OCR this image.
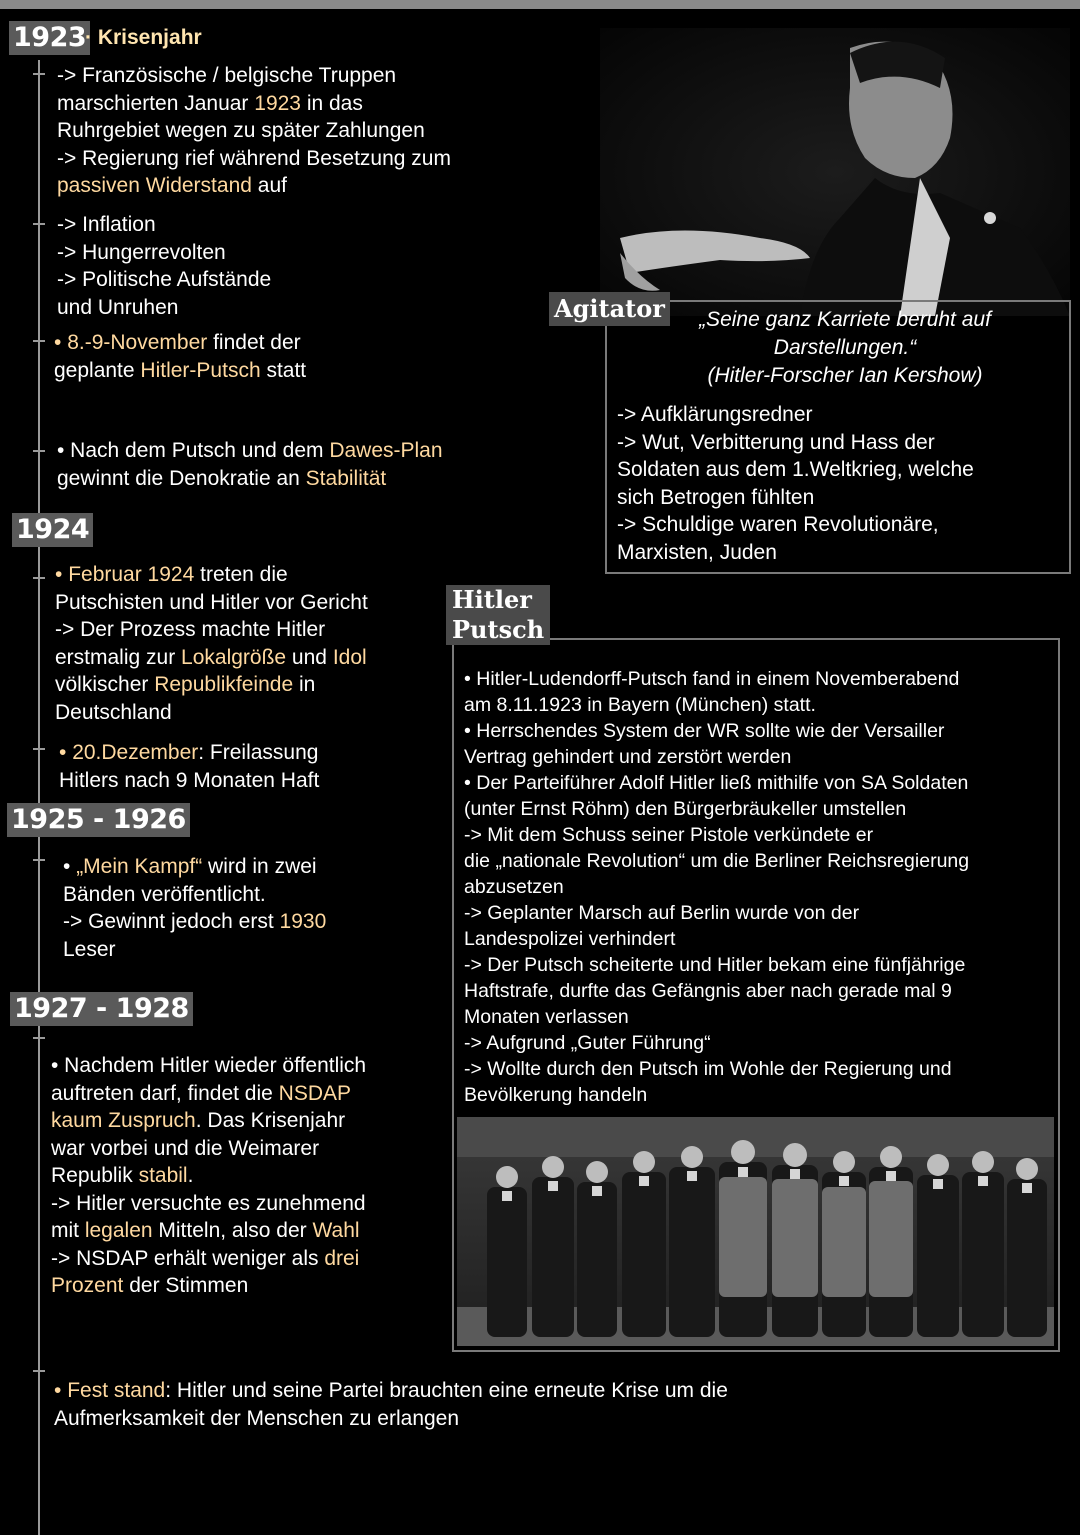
1923
· Krisenjahr

-> Französische / belgische Truppen

marschierten Januar 1923 in das

Ruhrgebiet wegen zu später Zahlungen

-> Regierung rief während Besetzung zum

passiven Widerstand auf

-> Inflation

-> Hungerrevolten

-> Politische Aufstände

und Unruhen

• 8.-9-November findet der

geplante Hitler-Putsch statt

• Nach dem Putsch und dem Dawes-Plan

gewinnt die Denokratie an Stabilität

1924

• Februar 1924 treten die

Putschisten und Hitler vor Gericht

-> Der Prozess machte Hitler

erstmalig zur Lokalgröße und Idol

völkischer Republikfeinde in

Deutschland

• 20.Dezember: Freilassung

Hitlers nach 9 Monaten Haft

1925 - 1926

• „Mein Kampf“ wird in zwei

Bänden veröffentlicht.

-> Gewinnt jedoch erst 1930

Leser

1927 - 1928

• Nachdem Hitler wieder öffentlich

auftreten darf, findet die NSDAP

kaum Zuspruch. Das Krisenjahr

war vorbei und die Weimarer

Republik stabil.

-> Hitler versuchte es zunehmend

mit legalen Mitteln, also der Wahl

-> NSDAP erhält weniger als drei

Prozent der Stimmen

• Fest stand: Hitler und seine Partei brauchten eine erneute Krise um die

Aufmerksamkeit der Menschen zu erlangen

Agitator	„Seine ganz Karriete beruht auf
Darstellungen.“
(Hitler-Forscher Ian Kershow)

-> Aufklärungsredner

-> Wut, Verbitterung und Hass der

Soldaten aus dem 1.Weltkrieg, welche

sich Betrogen fühlten

-> Schuldige waren Revolutionäre,

Marxisten, Juden

Hitler
Putsch

• Hitler-Ludendorff-Putsch fand in einem Novemberabend

am 8.11.1923 in Bayern (München) statt.

• Herrschendes System der WR sollte wie der Versailler

Vertrag gehindert und zerstört werden

• Der Parteiführer Adolf Hitler ließ mithilfe von SA Soldaten

(unter Ernst Röhm) den Bürgerbräukeller umstellen

-> Mit dem Schuss seiner Pistole verkündete er

die „nationale Revolution“ um die Berliner Reichsregierung

abzusetzen

-> Geplanter Marsch auf Berlin wurde von der

Landespolizei verhindert

-> Der Putsch scheiterte und Hitler bekam eine fünfjährige

Haftstrafe, durfte das Gefängnis aber nach gerade mal 9

Monaten verlassen

-> Aufgrund „Guter Führung“

-> Wollte durch den Putsch im Wohle der Regierung und

Bevölkerung handeln
